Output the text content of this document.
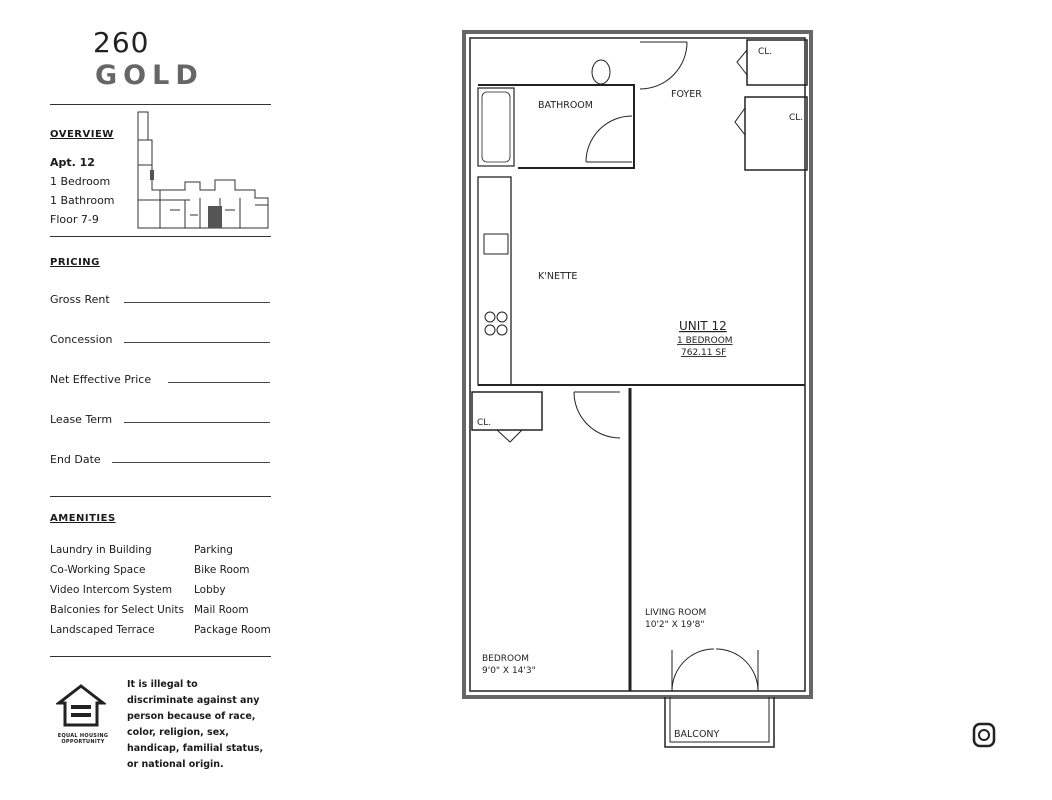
260
GOLD
OVERVIEW
Apt. 12
1 Bedroom
1 Bathroom
Floor 7-9
PRICING
Gross Rent
Concession
Net Effective Price
Lease Term
End Date
AMENITIES
Laundry in Building
Co-Working Space
Video Intercom System
Balconies for Select Units
Landscaped Terrace
Parking
Bike Room
Lobby
Mail Room
Package Room
EQUAL HOUSING OPPORTUNITY
It is illegal to discriminate against any person because of race, color, religion, sex, handicap, familial status, or national origin.
BATHROOM
FOYER
CL.
CL.
K'NETTE
UNIT 12
1 BEDROOM
762.11 SF
CL.
LIVING ROOM
10'2" X 19'8"
BEDROOM
9'0" X 14'3"
BALCONY
